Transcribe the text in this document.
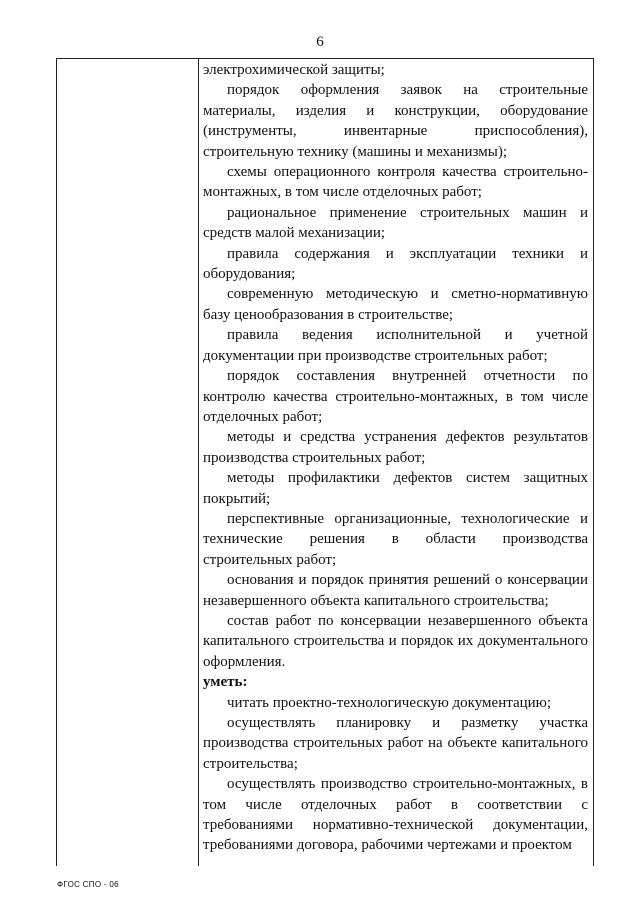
6

электрохимической защиты;

порядок оформления заявок на строительные материалы, изделия и конструкции, оборудование (инструменты, инвентарные приспособления), строительную технику (машины и механизмы);

схемы операционного контроля качества строительно-монтажных, в том числе отделочных работ;

рациональное применение строительных машин и средств малой механизации;

правила содержания и эксплуатации техники и оборудования;

современную методическую и сметно-нормативную базу ценообразования в строительстве;

правила ведения исполнительной и учетной документации при производстве строительных работ;

порядок составления внутренней отчетности по контролю качества строительно-монтажных, в том числе отделочных работ;

методы и средства устранения дефектов результатов производства строительных работ;

методы профилактики дефектов систем защитных покрытий;

перспективные организационные, технологические и технические решения в области производства строительных работ;

основания и порядок принятия решений о консервации незавершенного объекта капитального строительства;

состав работ по консервации незавершенного объекта капитального строительства и порядок их документального оформления.

уметь:

читать проектно-технологическую документацию;

осуществлять планировку и разметку участка производства строительных работ на объекте капитального строительства;

осуществлять производство строительно-монтажных, в том числе отделочных работ в соответствии с требованиями нормативно-технической документации, требованиями договора, рабочими чертежами и проектом

ФГОС СПО - 06
